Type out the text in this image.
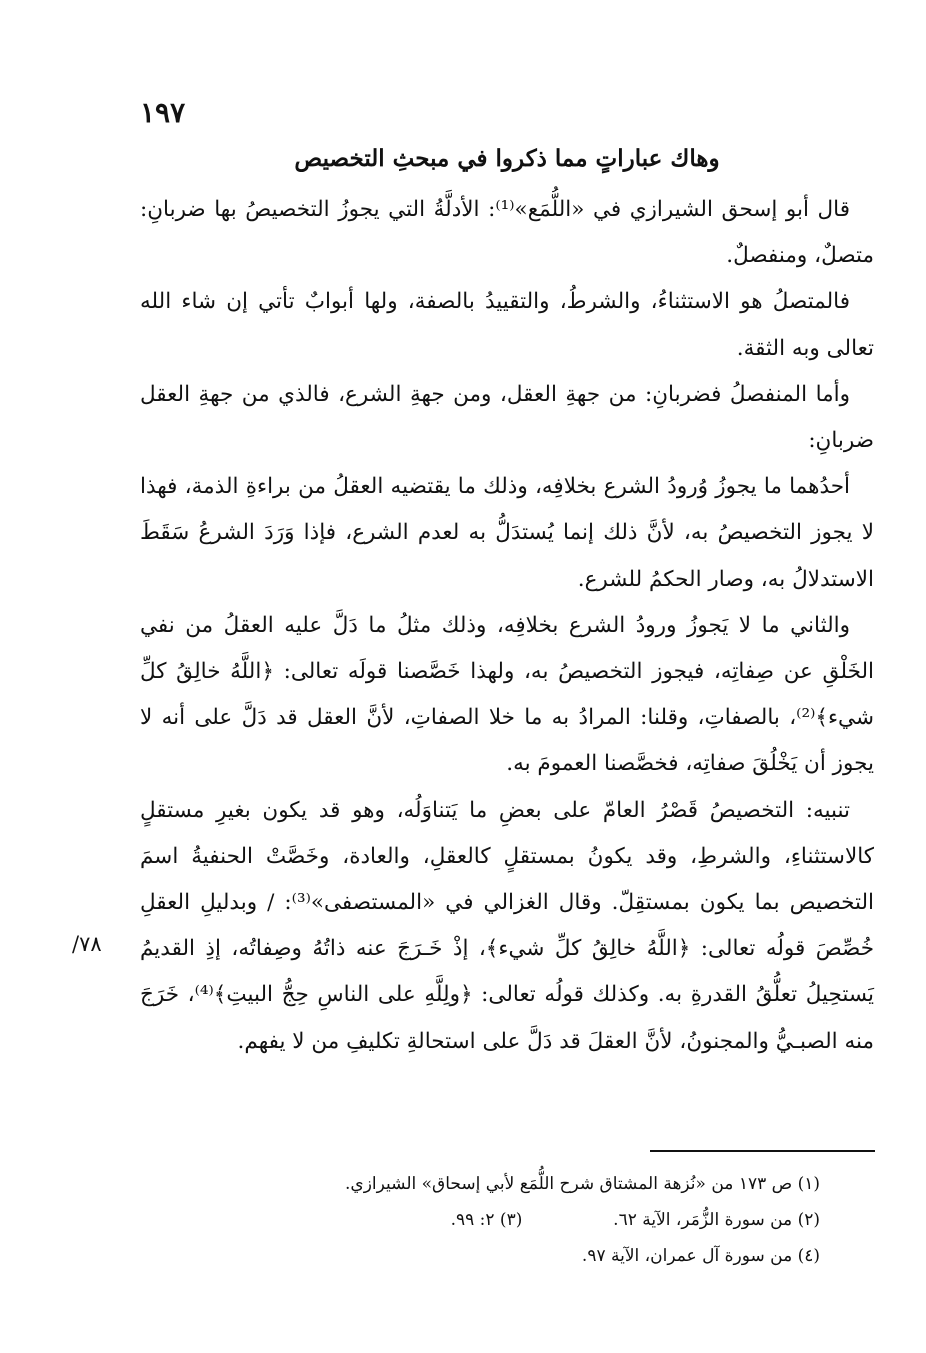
١٩٧
وهاك عباراتٍ مما ذكروا في مبحثِ التخصيص

قال أبو إسحق الشيرازي في «اللُّمَع»⁽¹⁾: الأدلَّةُ التي يجوزُ التخصيصُ بها ضربانِ: متصلٌ، ومنفصلٌ.

فالمتصلُ هو الاستثناءُ، والشرطُ، والتقييدُ بالصفة، ولها أبوابٌ تأتي إن شاء الله تعالى وبه الثقة.

وأما المنفصلُ فضربانِ: من جهةِ العقل، ومن جهةِ الشرع، فالذي من جهةِ العقل ضربانِ:

أحدُهما ما يجوزُ وُرودُ الشرع بخلافِه، وذلك ما يقتضيه العقلُ من براءةِ الذمة، فهذا لا يجوز التخصيصُ به، لأنَّ ذلك إنما يُستدَلُّ به لعدم الشرع، فإذا وَرَدَ الشرعُ سَقَطَ الاستدلالُ به، وصار الحكمُ للشرع.

والثاني ما لا يَجوزُ ورودُ الشرع بخلافِه، وذلك مثلُ ما دَلَّ عليه العقلُ من نفي الخَلْقِ عن صِفاتِه، فيجوز التخصيصُ به، ولهذا خَصَّصنا قولَه تعالى: ﴿اللَّهُ خالِقُ كلِّ شيء﴾⁽²⁾، بالصفاتِ، وقلنا: المرادُ به ما خلا الصفاتِ، لأنَّ العقل قد دَلَّ على أنه لا يجوز أن يَخْلُقَ صفاتِه، فخصَّصنا العمومَ به.

تنبيه: التخصيصُ قَصْرُ العامّ على بعضِ ما يَتناوَلُه، وهو قد يكون بغيرِ مستقلٍ كالاستثناءِ، والشرطِ، وقد يكونُ بمستقلٍ كالعقلِ، والعادة، وخَصَّتْ الحنفيةُ اسمَ التخصيص بما يكون بمستقِلّ. وقال الغزالي في «المستصفى»⁽³⁾: / وبدليلِ العقلِ خُصِّصَ قولُه تعالى: ﴿اللَّهُ خالِقُ كلِّ شيء﴾، إذْ خَـرَجَ عنه ذاتُهُ وصِفاتُه، إذِ القديمُ يَستحِيلُ تعلُّقُ القدرةِ به. وكذلك قولُه تعالى: ﴿ولِلَّهِ على الناسِ حِجُّ البيتِ﴾⁽⁴⁾، خَرَجَ منه الصبـيُّ والمجنونُ، لأنَّ العقلَ قد دَلَّ على استحالةِ تكليفِ من لا يفهم.

٧٨/
(١) ص ١٧٣ من «نُزهة المشتاق شرح اللُّمَع لأبي إسحاق» الشيرازي.
(٢) من سورة الزُّمَر، الآية ٦٢.  (٣) ٢: ٩٩.
(٤) من سورة آل عمران، الآية ٩٧.
